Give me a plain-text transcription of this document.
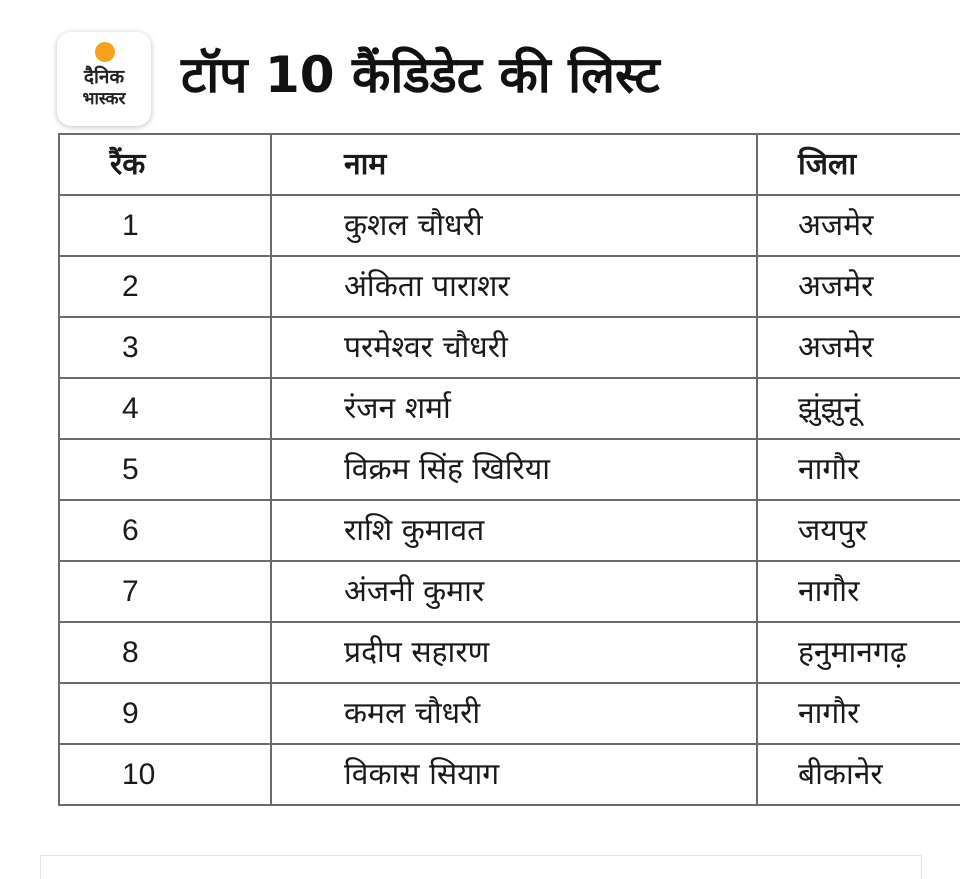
दैनिक
भास्कर	टॉप 10 कैंडिडेट की लिस्ट
रैंक	नाम	जिला
1	कुशल चौधरी	अजमेर
2	अंकिता पाराशर	अजमेर
3	परमेश्वर चौधरी	अजमेर
4	रंजन शर्मा	झुंझुनूं
5	विक्रम सिंह खिरिया	नागौर
6	राशि कुमावत	जयपुर
7	अंजनी कुमार	नागौर
8	प्रदीप सहारण	हनुमानगढ़
9	कमल चौधरी	नागौर
10	विकास सियाग	बीकानेर
